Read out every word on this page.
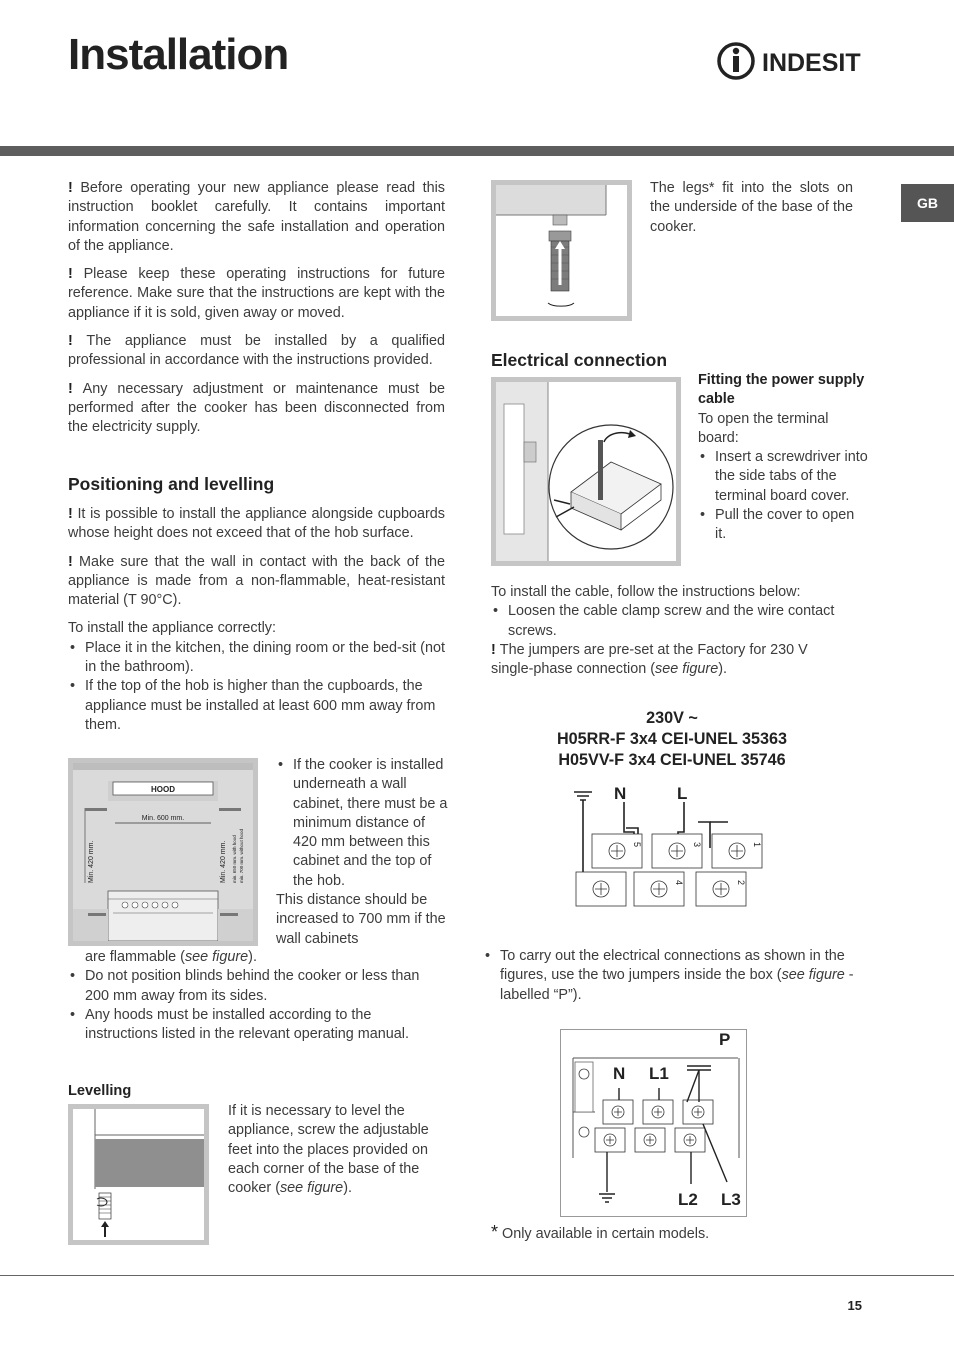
Installation	INDESIT
GB

! Before operating your new appliance please read this instruction booklet carefully. It contains important information concerning the safe installation and operation of the appliance.

! Please keep these operating instructions for future reference. Make sure that the instructions are kept with the appliance if it is sold, given away or moved.

! The appliance must be installed by a qualified professional in accordance with the instructions provided.

! Any necessary adjustment or maintenance must be performed after the cooker has been disconnected from the electricity supply.

Positioning and levelling

! It is possible to install the appliance alongside cupboards whose height does not exceed that of the hob surface.

! Make sure that the wall in contact with the back of the appliance is made from a non-flammable, heat-resistant material (T 90°C).

To install the appliance correctly:

• Place it in the kitchen, the dining room or the bed-sit (not in the bathroom).
• If the top of the hob is higher than the cupboards, the appliance must be installed at least 600 mm away from them.
HOOD
Min. 600 mm.
Min. 420 mm.	Min. 420 mm. min. 650 mm. with hood min. 700 mm. without hood
• If the cooker is installed underneath a wall cabinet, there must be a minimum distance of 420 mm between this cabinet and the top of the hob.

This distance should be increased to 700 mm if the wall cabinets

are flammable (see figure).

• Do not position blinds behind the cooker or less than 200 mm away from its sides.
• Any hoods must be installed according to the instructions listed in the relevant operating manual.
Levelling

If it is necessary to level the appliance, screw the adjustable feet into the places provided on each corner of the base of the cooker (see figure).

The legs* fit into the slots on the underside of the base of the cooker.
Electrical connection

Fitting the power supply cable

To open the terminal board:

• Insert a screwdriver into the side tabs of the terminal board cover.
• Pull the cover to open it.

To install the cable, follow the instructions below:

• Loosen the cable clamp screw and the wire contact screws.

! The jumpers are pre-set at the Factory for 230 V single-phase connection (see figure).

230V ~
H05RR-F 3x4 CEI-UNEL 35363
H05VV-F 3x4 CEI-UNEL 35746
N	L
5	3	1
4	2
• To carry out the electrical connections as shown in the figures, use the two jumpers inside the box (see figure - labelled “P”).
P
N L1
L2 L3
* Only available in certain models.
15
